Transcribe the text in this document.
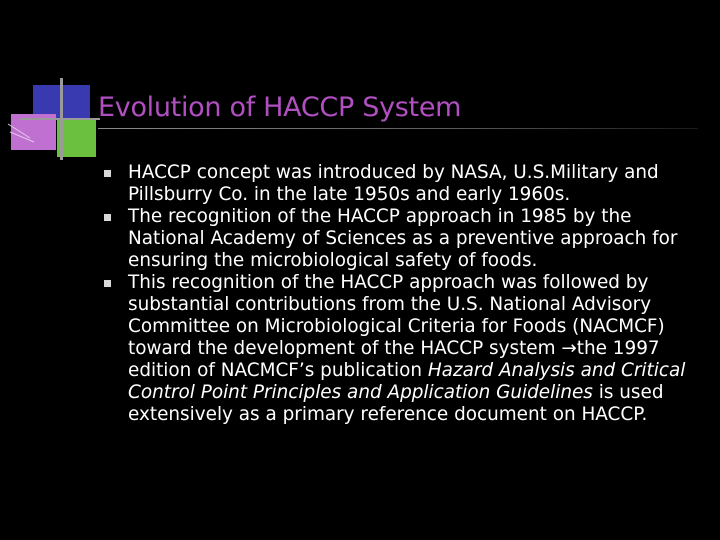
Evolution of HACCP System
HACCP concept was introduced by NASA, U.S.Military and Pillsburry Co. in the late 1950s and early 1960s.
The recognition of the HACCP approach in 1985 by the National Academy of Sciences as a preventive approach for ensuring the microbiological safety of foods.
This recognition of the HACCP approach was followed by substantial contributions from the U.S. National Advisory Committee on Microbiological Criteria for Foods (NACMCF) toward the development of the HACCP system →the 1997 edition of NACMCF’s publication Hazard Analysis and Critical Control Point Principles and Application Guidelines is used extensively as a primary reference document on HACCP.
